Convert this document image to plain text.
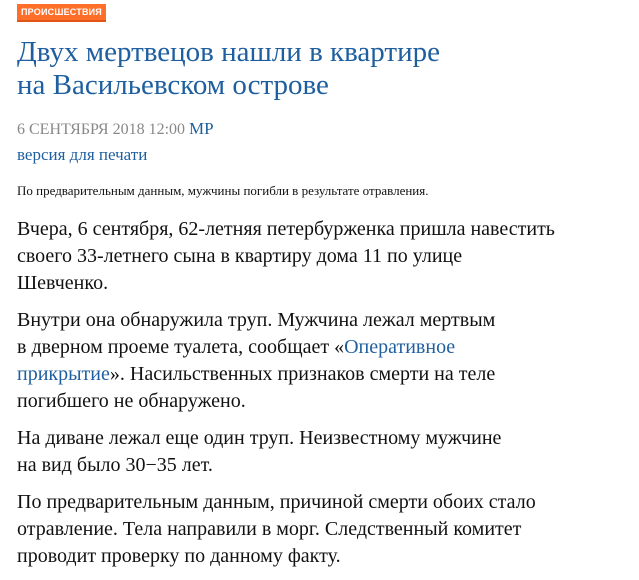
ПРОИСШЕСТВИЯ
Двух мертвецов нашли в квартире
на Васильевском острове
6 СЕНТЯБРЯ 2018 12:00 МР
версия для печати
По предварительным данным, мужчины погибли в результате отравления.

Вчера, 6 сентября, 62-летняя петербурженка пришла навестить
своего 33-летнего сына в квартиру дома 11 по улице
Шевченко.

Внутри она обнаружила труп. Мужчина лежал мертвым
в дверном проеме туалета, сообщает «Оперативное
прикрытие». Насильственных признаков смерти на теле
погибшего не обнаружено.

На диване лежал еще один труп. Неизвестному мужчине
на вид было 30−35 лет.

По предварительным данным, причиной смерти обоих стало
отравление. Тела направили в морг. Следственный комитет
проводит проверку по данному факту.
